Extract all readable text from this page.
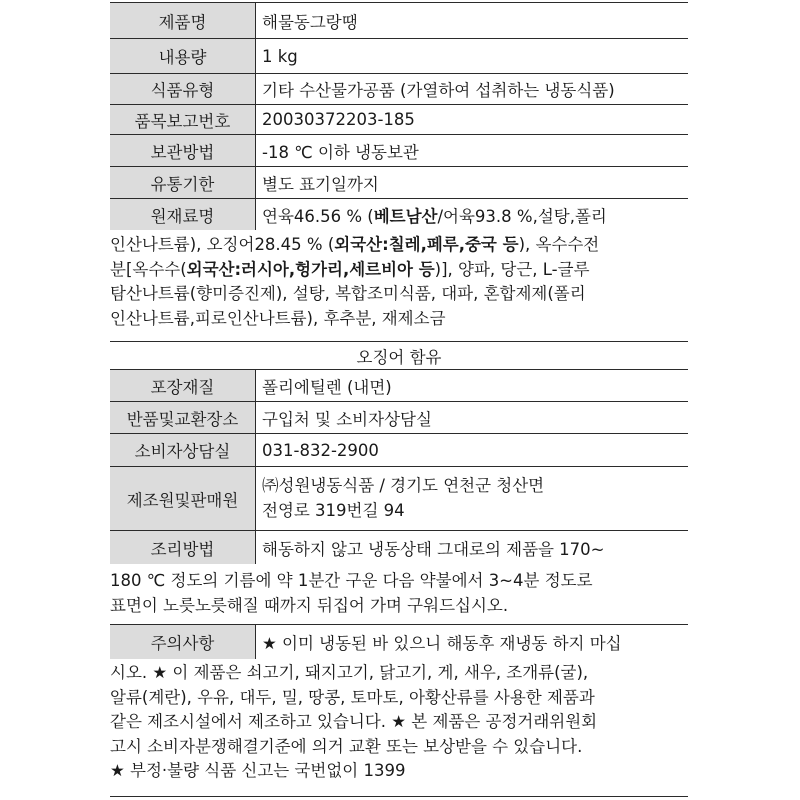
제품명	해물동그랑땡
내용량	1 kg
식품유형	기타 수산물가공품 (가열하여 섭취하는 냉동식품)
품목보고번호	20030372203-185
보관방법	-18 ℃ 이하 냉동보관
유통기한	별도 표기일까지
원재료명	연육46.56 % ( 베트남산 /어육93.8 %,설탕,폴리
인산나트륨), 오징어28.45 % (외국산:칠레,페루,중국 등), 옥수수전
분[옥수수(외국산:러시아,헝가리,세르비아 등)], 양파, 당근, L-글루
탐산나트륨(향미증진제), 설탕, 복합조미식품, 대파, 혼합제제(폴리
인산나트륨,피로인산나트륨), 후추분, 재제소금
오징어 함유
포장재질	폴리에틸렌 (내면)
반품및교환장소	구입처 및 소비자상담실
소비자상담실	031-832-2900
제조원및판매원
㈜성원냉동식품 / 경기도 연천군 청산면
전영로 319번길 94
조리방법	해동하지 않고 냉동상태 그대로의 제품을 170~
180 ℃ 정도의 기름에 약 1분간 구운 다음 약불에서 3~4분 정도로
표면이 노릇노릇해질 때까지 뒤집어 가며 구워드십시오.
주의사항	★ 이미 냉동된 바 있으니 해동후 재냉동 하지 마십
시오. ★ 이 제품은 쇠고기, 돼지고기, 닭고기, 게, 새우, 조개류(굴),
알류(계란), 우유, 대두, 밀, 땅콩, 토마토, 아황산류를 사용한 제품과
같은 제조시설에서 제조하고 있습니다. ★ 본 제품은 공정거래위원회
고시 소비자분쟁해결기준에 의거 교환 또는 보상받을 수 있습니다.
★ 부정·불량 식품 신고는 국번없이 1399
